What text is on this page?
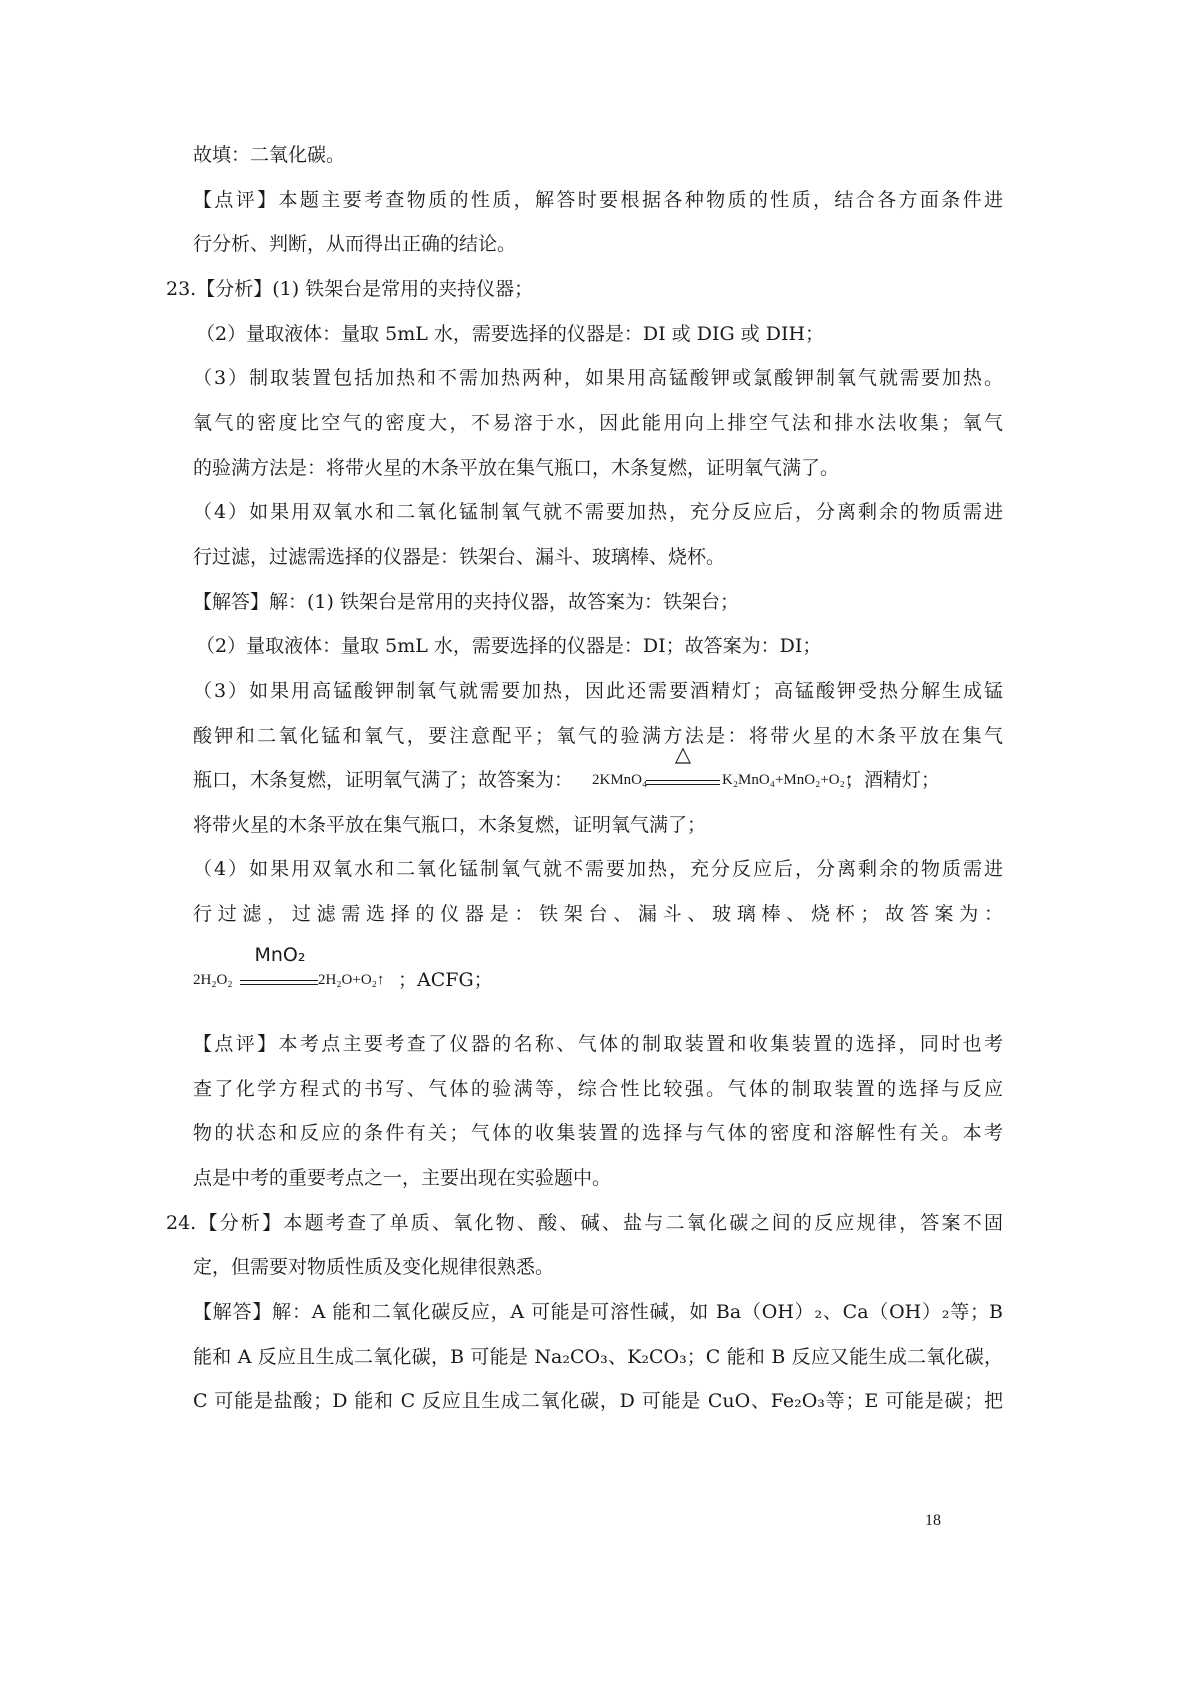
故填：二氧化碳。
【点评】本题主要考查物质的性质，解答时要根据各种物质的性质，结合各方面条件进
行分析、判断，从而得出正确的结论。
23.【分析】(1) 铁架台是常用的夹持仪器；
（2）量取液体：量取 5mL 水，需要选择的仪器是：DI 或 DIG 或 DIH；
（3）制取装置包括加热和不需加热两种，如果用高锰酸钾或氯酸钾制氧气就需要加热。
氧气的密度比空气的密度大，不易溶于水，因此能用向上排空气法和排水法收集；氧气
的验满方法是：将带火星的木条平放在集气瓶口，木条复燃，证明氧气满了。
（4）如果用双氧水和二氧化锰制氧气就不需要加热，充分反应后，分离剩余的物质需进
行过滤，过滤需选择的仪器是：铁架台、漏斗、玻璃棒、烧杯。
【解答】解：(1) 铁架台是常用的夹持仪器，故答案为：铁架台；
（2）量取液体：量取 5mL 水，需要选择的仪器是：DI；故答案为：DI；
（3）如果用高锰酸钾制氧气就需要加热，因此还需要酒精灯；高锰酸钾受热分解生成锰
酸钾和二氧化锰和氧气，要注意配平；氧气的验满方法是：将带火星的木条平放在集气
瓶口，木条复燃，证明氧气满了；故答案为： 2KMnO₄
△
K₂MnO₄+MnO₂+O₂↑
；酒精灯；
将带火星的木条平放在集气瓶口，木条复燃，证明氧气满了；
（4）如果用双氧水和二氧化锰制氧气就不需要加热，充分反应后，分离剩余的物质需进
行过滤，过滤需选择的仪器是：铁架台、漏斗、玻璃棒、烧杯；故答案为：
2H₂O₂
MnO₂
2H₂O+O₂↑ ；ACFG；
【点评】本考点主要考查了仪器的名称、气体的制取装置和收集装置的选择，同时也考
查了化学方程式的书写、气体的验满等，综合性比较强。气体的制取装置的选择与反应
物的状态和反应的条件有关；气体的收集装置的选择与气体的密度和溶解性有关。本考
点是中考的重要考点之一，主要出现在实验题中。
24.【分析】本题考查了单质、氧化物、酸、碱、盐与二氧化碳之间的反应规律，答案不固
定，但需要对物质性质及变化规律很熟悉。
【解答】解：A 能和二氧化碳反应，A 可能是可溶性碱，如 Ba（OH）₂、Ca（OH）₂等；B
能和 A 反应且生成二氧化碳，B 可能是 Na₂CO₃、K₂CO₃；C 能和 B 反应又能生成二氧化碳，
C 可能是盐酸；D 能和 C 反应且生成二氧化碳，D 可能是 CuO、Fe₂O₃等；E 可能是碳；把
18
